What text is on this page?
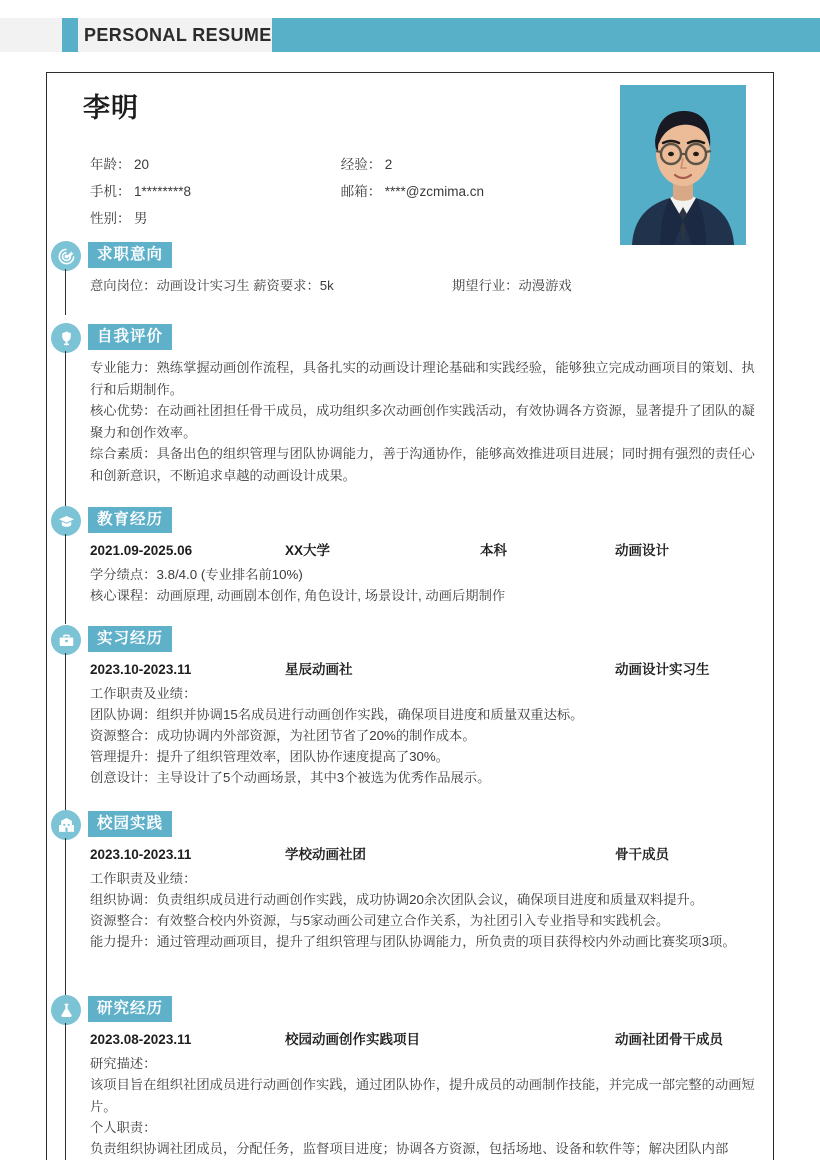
PERSONAL RESUME
李明
年龄： 20	经验： 2
手机： 1********8	邮箱： ****@zcmima.cn
性别： 男
求职意向
意向岗位：动画设计实习生 薪资要求：5k	期望行业：动漫游戏
自我评价
专业能力：熟练掌握动画创作流程，具备扎实的动画设计理论基础和实践经验，能够独立完成动画项目的策划、执行和后期制作。
核心优势：在动画社团担任骨干成员，成功组织多次动画创作实践活动，有效协调各方资源，显著提升了团队的凝聚力和创作效率。
综合素质：具备出色的组织管理与团队协调能力，善于沟通协作，能够高效推进项目进展；同时拥有强烈的责任心和创新意识，不断追求卓越的动画设计成果。
教育经历
2021.09-2025.06	XX大学	本科	动画设计
学分绩点：3.8/4.0 (专业排名前10%)
核心课程：动画原理, 动画剧本创作, 角色设计, 场景设计, 动画后期制作
实习经历
2023.10-2023.11	星辰动画社	动画设计实习生
工作职责及业绩：
团队协调：组织并协调15名成员进行动画创作实践，确保项目进度和质量双重达标。
资源整合：成功协调内外部资源，为社团节省了20%的制作成本。
管理提升：提升了组织管理效率，团队协作速度提高了30%。
创意设计：主导设计了5个动画场景，其中3个被选为优秀作品展示。
校园实践
2023.10-2023.11	学校动画社团	骨干成员
工作职责及业绩：
组织协调：负责组织成员进行动画创作实践，成功协调20余次团队会议，确保项目进度和质量双料提升。
资源整合：有效整合校内外资源，与5家动画公司建立合作关系，为社团引入专业指导和实践机会。
能力提升：通过管理动画项目，提升了组织管理与团队协调能力，所负责的项目获得校内外动画比赛奖项3项。
研究经历
2023.08-2023.11	校园动画创作实践项目	动画社团骨干成员
研究描述：
该项目旨在组织社团成员进行动画创作实践，通过团队协作，提升成员的动画制作技能，并完成一部完整的动画短片。
个人职责：
负责组织协调社团成员，分配任务，监督项目进度；协调各方资源，包括场地、设备和软件等；解决团队内部
